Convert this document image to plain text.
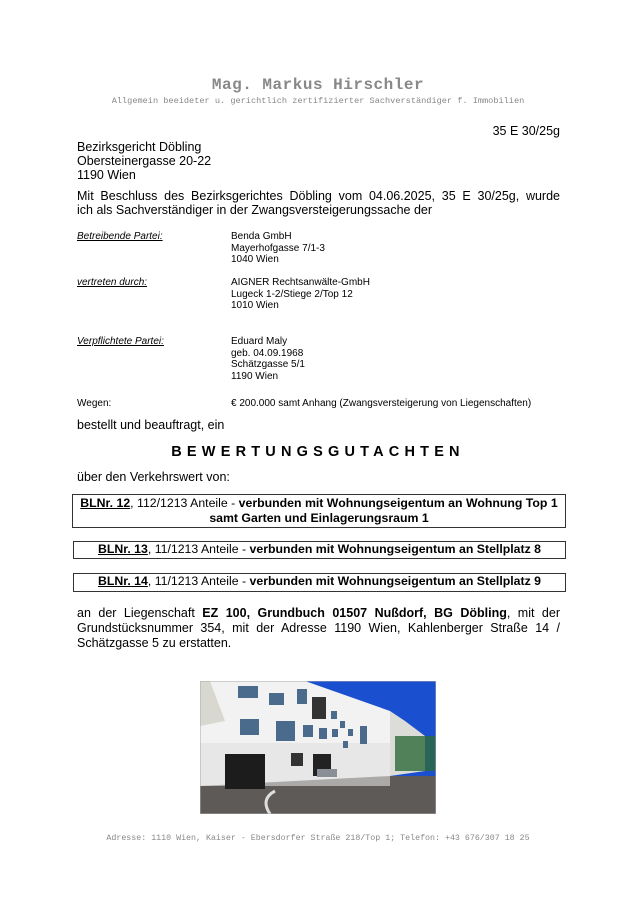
Mag. Markus Hirschler
Allgemein beeideter u. gerichtlich zertifizierter Sachverständiger f. Immobilien
35 E 30/25g
Bezirksgericht Döbling
Obersteinergasse 20-22
1190 Wien
Mit Beschluss des Bezirksgerichtes Döbling vom 04.06.2025, 35 E 30/25g, wurde
ich als Sachverständiger in der Zwangsversteigerungssache der
Betreibende Partei:	Benda GmbH
Mayerhofgasse 7/1-3
1040 Wien
vertreten durch:	AIGNER Rechtsanwälte-GmbH
Lugeck 1-2/Stiege 2/Top 12
1010 Wien
Verpflichtete Partei:	Eduard Maly
geb. 04.09.1968
Schätzgasse 5/1
1190 Wien
Wegen:	€ 200.000 samt Anhang (Zwangsversteigerung von Liegenschaften)
bestellt und beauftragt, ein
BEWERTUNGSGUTACHTEN
über den Verkehrswert von:
BLNr. 12, 112/1213 Anteile - verbunden mit Wohnungseigentum an Wohnung Top 1
samt Garten und Einlagerungsraum 1
BLNr. 13, 11/1213 Anteile - verbunden mit Wohnungseigentum an Stellplatz 8
BLNr. 14, 11/1213 Anteile - verbunden mit Wohnungseigentum an Stellplatz 9
an der Liegenschaft EZ 100, Grundbuch 01507 Nußdorf, BG Döbling, mit der
Grundstücksnummer 354, mit der Adresse 1190 Wien, Kahlenberger Straße 14 /
Schätzgasse 5 zu erstatten.
Adresse: 1110 Wien, Kaiser - Ebersdorfer Straße 218/Top 1; Telefon: +43 676/307 18 25
